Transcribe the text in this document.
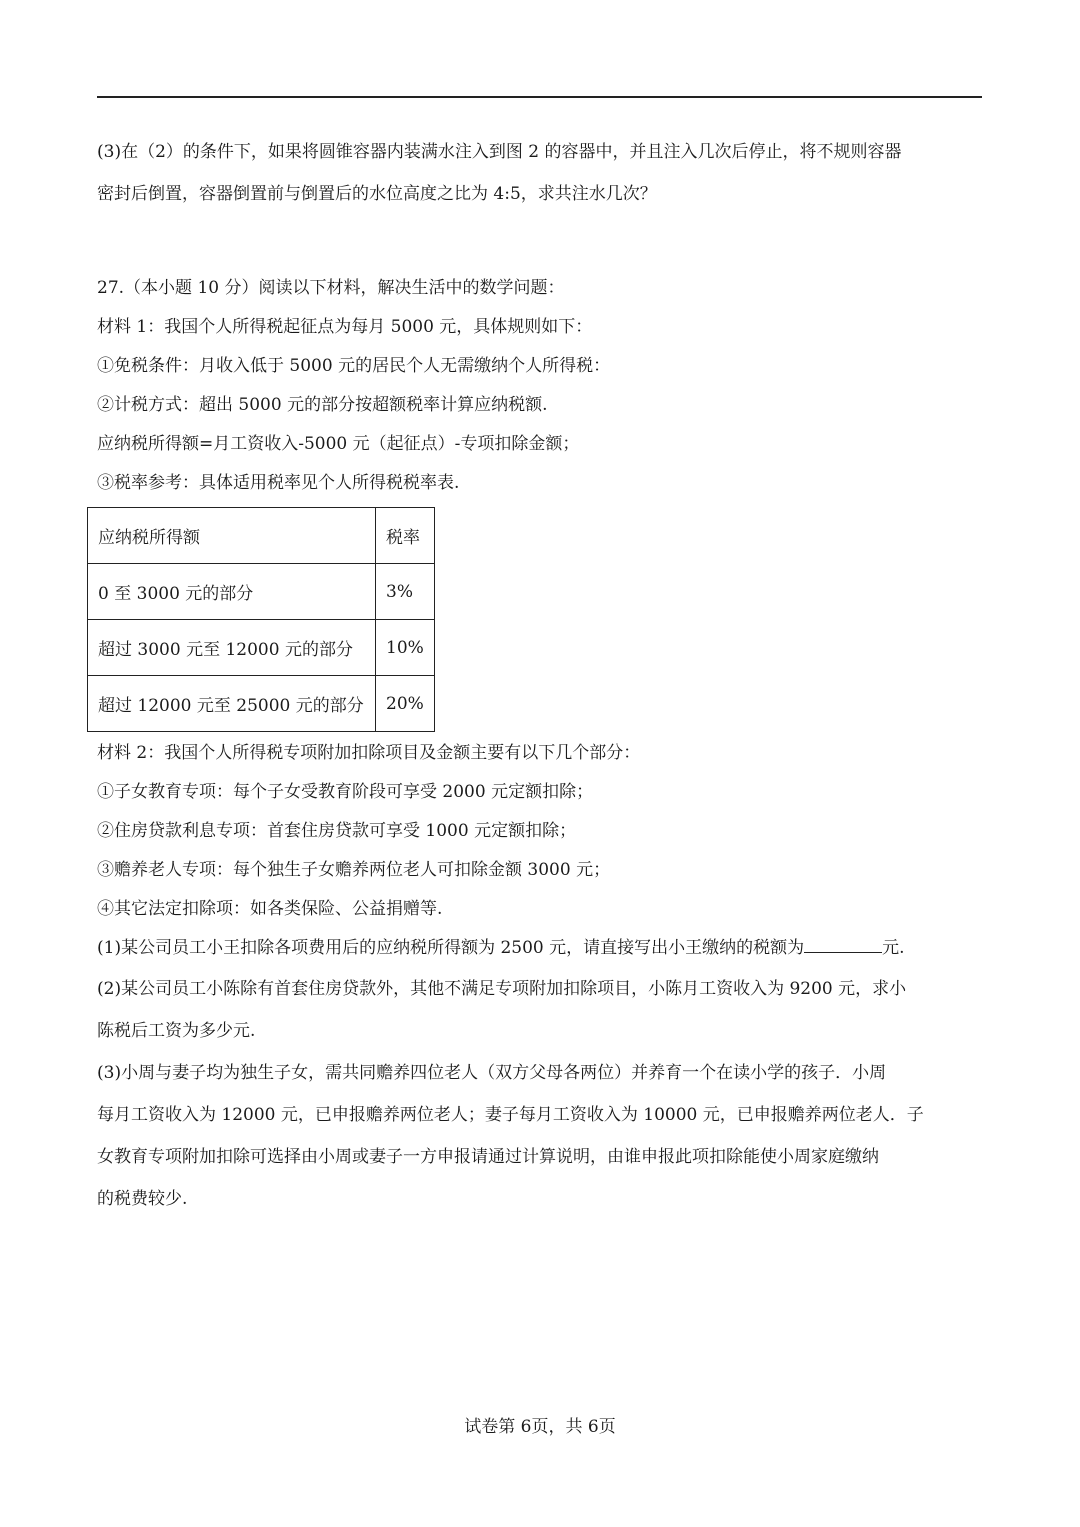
(3)在（2）的条件下，如果将圆锥容器内装满水注入到图 2 的容器中，并且注入几次后停止，将不规则容器
密封后倒置，容器倒置前与倒置后的水位高度之比为 4:5，求共注水几次？
27.（本小题 10 分）阅读以下材料，解决生活中的数学问题：
材料 1：我国个人所得税起征点为每月 5000 元，具体规则如下：
①免税条件：月收入低于 5000 元的居民个人无需缴纳个人所得税：
②计税方式：超出 5000 元的部分按超额税率计算应纳税额.
应纳税所得额=月工资收入-5000 元（起征点）-专项扣除金额；
③税率参考：具体适用税率见个人所得税税率表.
应纳税所得额	税率
0 至 3000 元的部分	3%
超过 3000 元至 12000 元的部分	10%
超过 12000 元至 25000 元的部分	20%
材料 2：我国个人所得税专项附加扣除项目及金额主要有以下几个部分：
①子女教育专项：每个子女受教育阶段可享受 2000 元定额扣除；
②住房贷款利息专项：首套住房贷款可享受 1000 元定额扣除；
③赡养老人专项：每个独生子女赡养两位老人可扣除金额 3000 元；
④其它法定扣除项：如各类保险、公益捐赠等.
(1)某公司员工小王扣除各项费用后的应纳税所得额为 2500 元，请直接写出小王缴纳的税额为	元.
(2)某公司员工小陈除有首套住房贷款外，其他不满足专项附加扣除项目，小陈月工资收入为 9200 元，求小
陈税后工资为多少元.
(3)小周与妻子均为独生子女，需共同赡养四位老人（双方父母各两位）并养育一个在读小学的孩子．小周
每月工资收入为 12000 元，已申报赡养两位老人；妻子每月工资收入为 10000 元，已申报赡养两位老人．子
女教育专项附加扣除可选择由小周或妻子一方申报请通过计算说明，由谁申报此项扣除能使小周家庭缴纳
的税费较少.
试卷第 6页，共 6页
